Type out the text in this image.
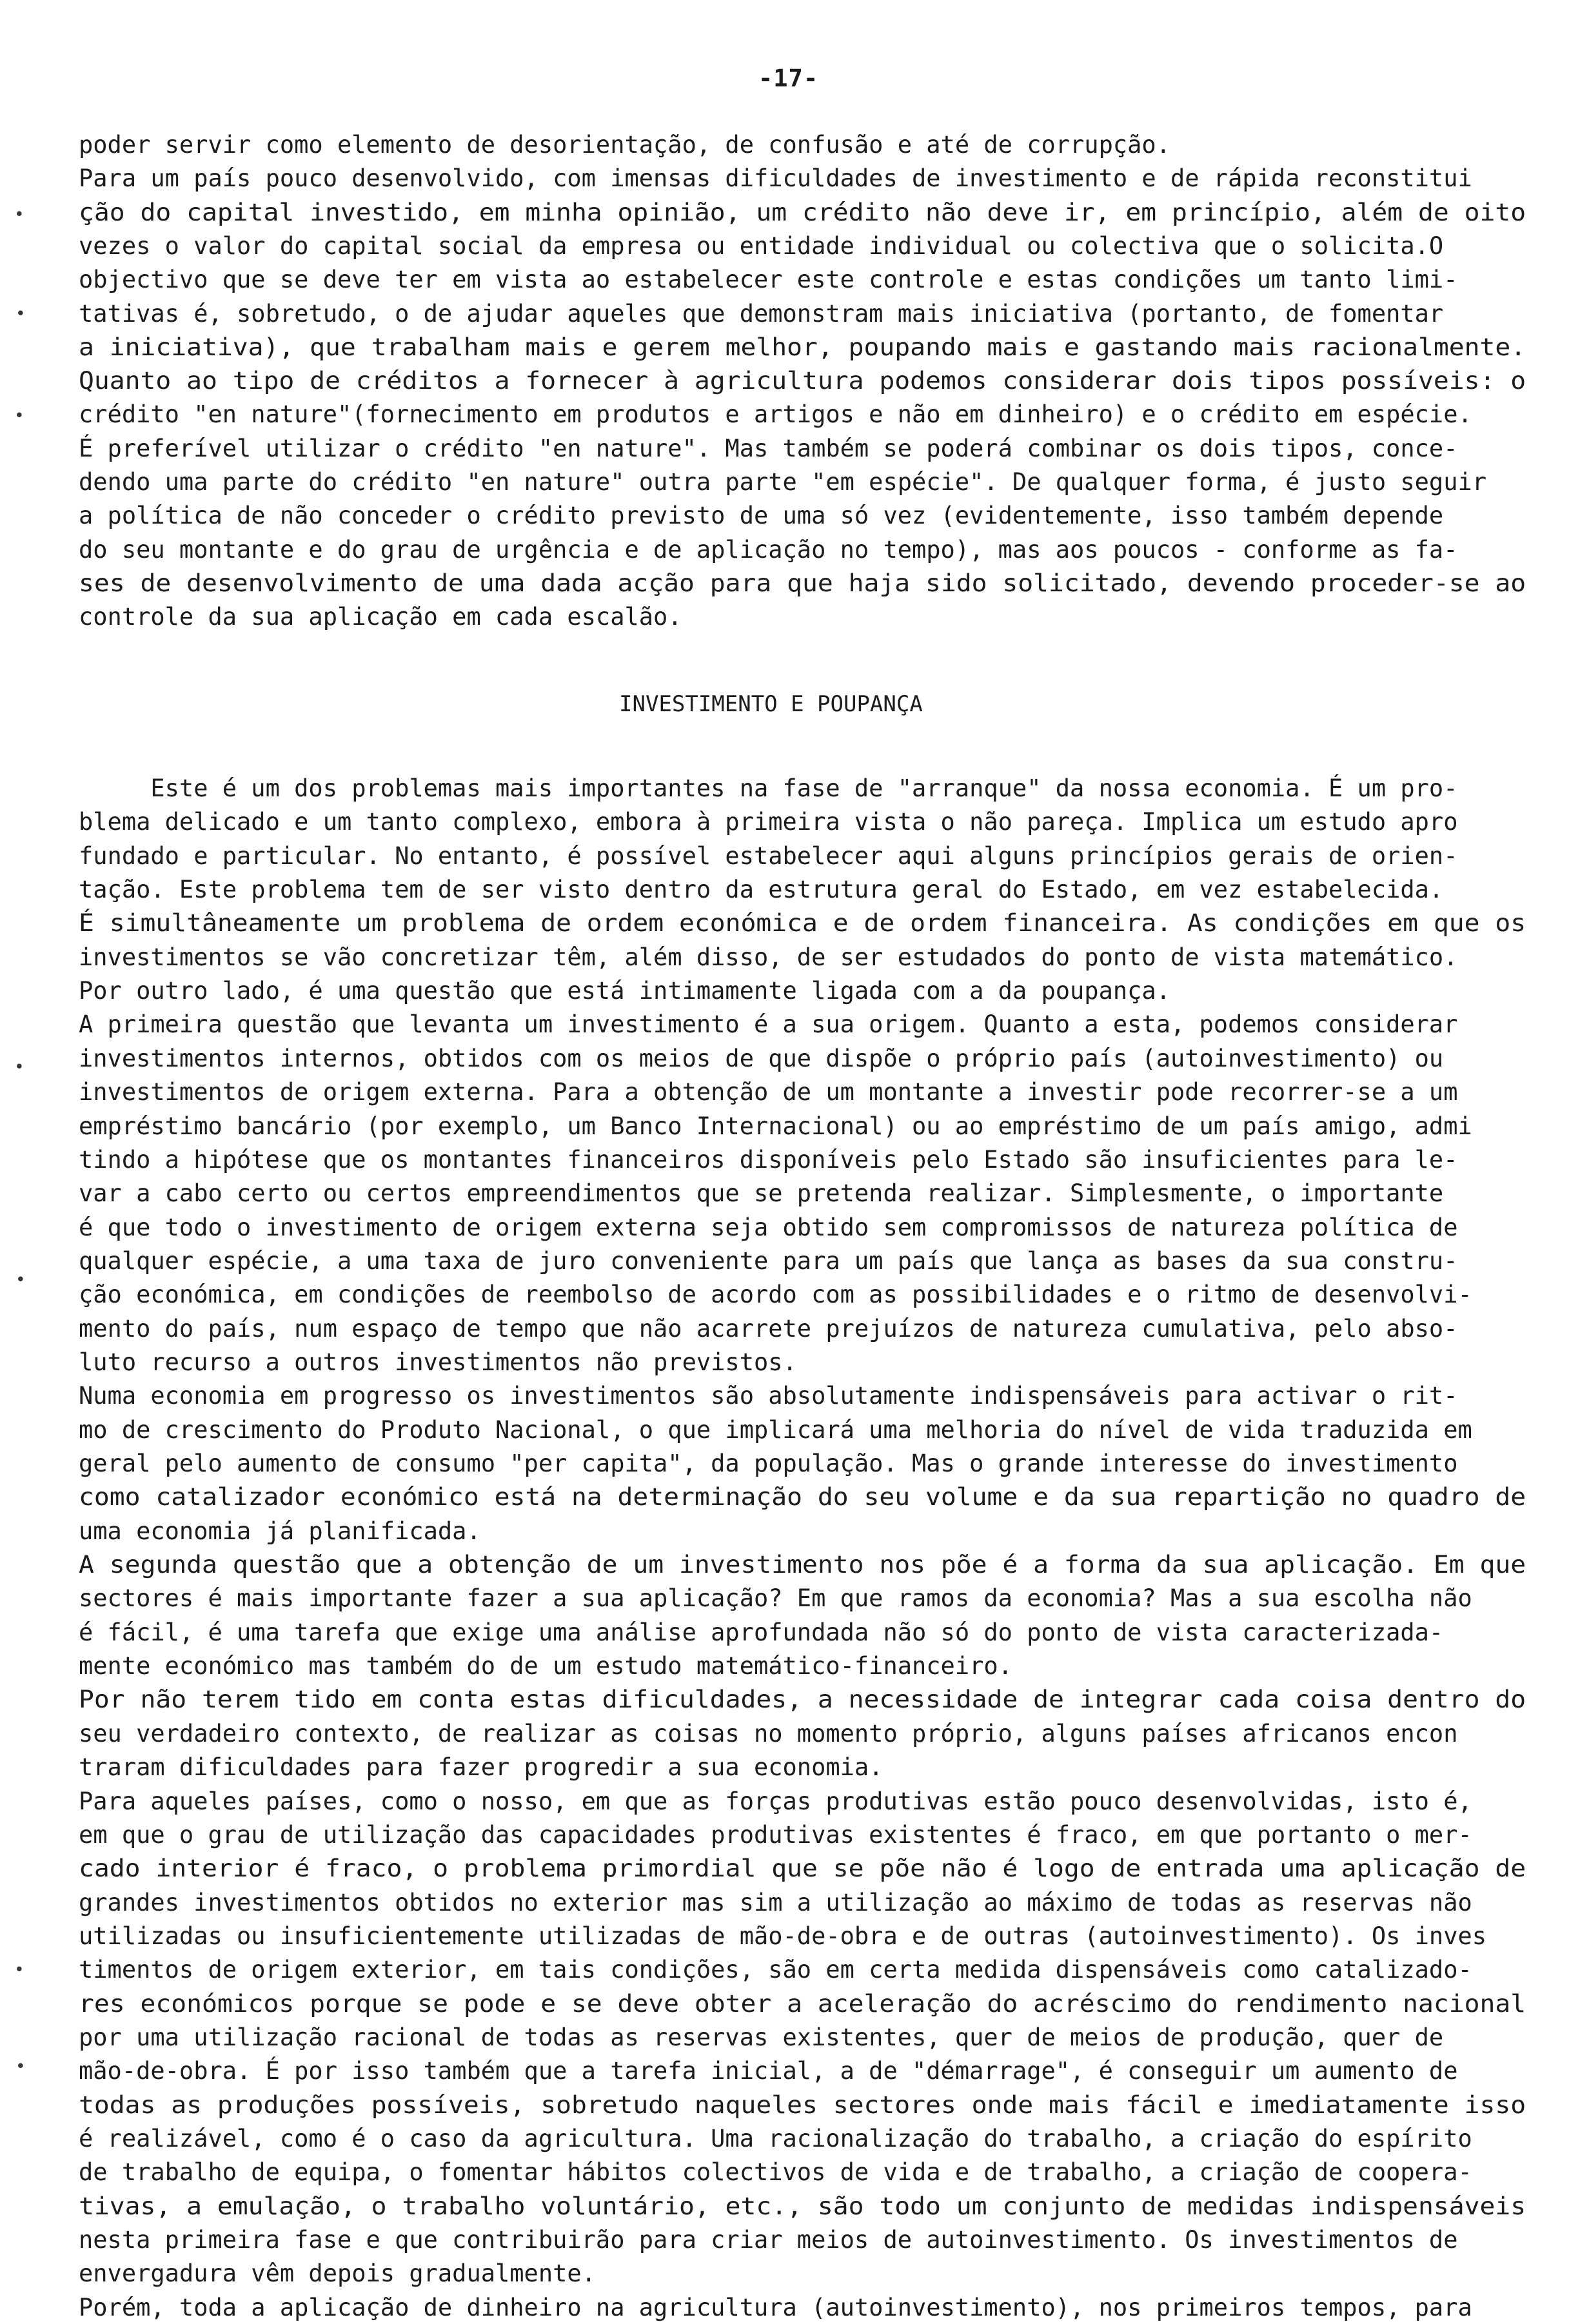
-17-
poder servir como elemento de desorientação, de confusão e até de corrupção.
Para um país pouco desenvolvido, com imensas dificuldades de investimento e de rápida reconstitui
ção do capital investido, em minha opinião, um crédito não deve ir, em princípio, além de oito
vezes o valor do capital social da empresa ou entidade individual ou colectiva que o solicita.O
objectivo que se deve ter em vista ao estabelecer este controle e estas condições um tanto limi-
tativas é, sobretudo, o de ajudar aqueles que demonstram mais iniciativa (portanto, de fomentar
a iniciativa), que trabalham mais e gerem melhor, poupando mais e gastando mais racionalmente.
Quanto ao tipo de créditos a fornecer à agricultura podemos considerar dois tipos possíveis: o
crédito "en nature"(fornecimento em produtos e artigos e não em dinheiro) e o crédito em espécie.
É preferível utilizar o crédito "en nature". Mas também se poderá combinar os dois tipos, conce-
dendo uma parte do crédito "en nature" outra parte "em espécie". De qualquer forma, é justo seguir
a política de não conceder o crédito previsto de uma só vez (evidentemente, isso também depende
do seu montante e do grau de urgência e de aplicação no tempo), mas aos poucos - conforme as fa-
ses de desenvolvimento de uma dada acção para que haja sido solicitado, devendo proceder-se ao
controle da sua aplicação em cada escalão.
INVESTIMENTO E POUPANÇA
Este é um dos problemas mais importantes na fase de "arranque" da nossa economia. É um pro-
blema delicado e um tanto complexo, embora à primeira vista o não pareça. Implica um estudo apro
fundado e particular. No entanto, é possível estabelecer aqui alguns princípios gerais de orien-
tação. Este problema tem de ser visto dentro da estrutura geral do Estado, em vez estabelecida.
É simultâneamente um problema de ordem económica e de ordem financeira. As condições em que os
investimentos se vão concretizar têm, além disso, de ser estudados do ponto de vista matemático.
Por outro lado, é uma questão que está intimamente ligada com a da poupança.
A primeira questão que levanta um investimento é a sua origem. Quanto a esta, podemos considerar
investimentos internos, obtidos com os meios de que dispõe o próprio país (autoinvestimento) ou
investimentos de origem externa. Para a obtenção de um montante a investir pode recorrer-se a um
empréstimo bancário (por exemplo, um Banco Internacional) ou ao empréstimo de um país amigo, admi
tindo a hipótese que os montantes financeiros disponíveis pelo Estado são insuficientes para le-
var a cabo certo ou certos empreendimentos que se pretenda realizar. Simplesmente, o importante
é que todo o investimento de origem externa seja obtido sem compromissos de natureza política de
qualquer espécie, a uma taxa de juro conveniente para um país que lança as bases da sua constru-
ção económica, em condições de reembolso de acordo com as possibilidades e o ritmo de desenvolvi-
mento do país, num espaço de tempo que não acarrete prejuízos de natureza cumulativa, pelo abso-
luto recurso a outros investimentos não previstos.
Numa economia em progresso os investimentos são absolutamente indispensáveis para activar o rit-
mo de crescimento do Produto Nacional, o que implicará uma melhoria do nível de vida traduzida em
geral pelo aumento de consumo "per capita", da população. Mas o grande interesse do investimento
como catalizador económico está na determinação do seu volume e da sua repartição no quadro de
uma economia já planificada.
A segunda questão que a obtenção de um investimento nos põe é a forma da sua aplicação. Em que
sectores é mais importante fazer a sua aplicação? Em que ramos da economia? Mas a sua escolha não
é fácil, é uma tarefa que exige uma análise aprofundada não só do ponto de vista caracterizada-
mente económico mas também do de um estudo matemático-financeiro.
Por não terem tido em conta estas dificuldades, a necessidade de integrar cada coisa dentro do
seu verdadeiro contexto, de realizar as coisas no momento próprio, alguns países africanos encon
traram dificuldades para fazer progredir a sua economia.
Para aqueles países, como o nosso, em que as forças produtivas estão pouco desenvolvidas, isto é,
em que o grau de utilização das capacidades produtivas existentes é fraco, em que portanto o mer-
cado interior é fraco, o problema primordial que se põe não é logo de entrada uma aplicação de
grandes investimentos obtidos no exterior mas sim a utilização ao máximo de todas as reservas não
utilizadas ou insuficientemente utilizadas de mão-de-obra e de outras (autoinvestimento). Os inves
timentos de origem exterior, em tais condições, são em certa medida dispensáveis como catalizado-
res económicos porque se pode e se deve obter a aceleração do acréscimo do rendimento nacional
por uma utilização racional de todas as reservas existentes, quer de meios de produção, quer de
mão-de-obra. É por isso também que a tarefa inicial, a de "démarrage", é conseguir um aumento de
todas as produções possíveis, sobretudo naqueles sectores onde mais fácil e imediatamente isso
é realizável, como é o caso da agricultura. Uma racionalização do trabalho, a criação do espírito
de trabalho de equipa, o fomentar hábitos colectivos de vida e de trabalho, a criação de coopera-
tivas, a emulação, o trabalho voluntário, etc., são todo um conjunto de medidas indispensáveis
nesta primeira fase e que contribuirão para criar meios de autoinvestimento. Os investimentos de
envergadura vêm depois gradualmente.
Porém, toda a aplicação de dinheiro na agricultura (autoinvestimento), nos primeiros tempos, para
•
•
•
•
•
•
•
